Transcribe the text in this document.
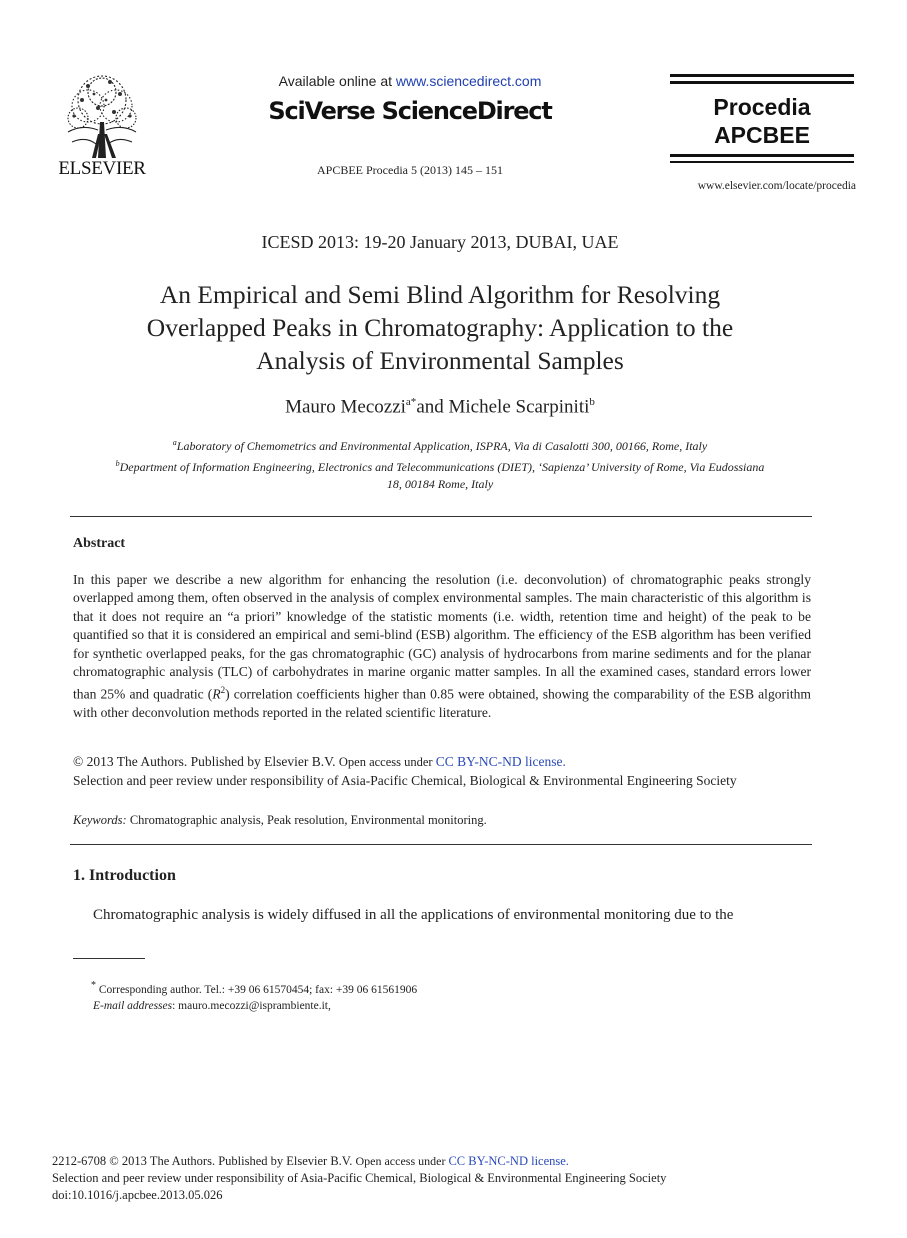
ELSEVIER
Available online at www.sciencedirect.com
SciVerse ScienceDirect
APCBEE Procedia 5 (2013) 145 – 151
Procedia
APCBEE
www.elsevier.com/locate/procedia
ICESD 2013: 19-20 January 2013, DUBAI, UAE
An Empirical and Semi Blind Algorithm for Resolving
Overlapped Peaks in Chromatography: Application to the
Analysis of Environmental Samples
Mauro Mecozzi$^{a*}$and Michele Scarpiniti$^b$
$^a$Laboratory of Chemometrics and Environmental Application, ISPRA, Via di Casalotti 300, 00166, Rome, Italy
$^b$Department of Information Engineering, Electronics and Telecommunications (DIET), ‘Sapienza’ University of Rome, Via Eudossiana
18, 00184 Rome, Italy
Abstract
In this paper we describe a new algorithm for enhancing the resolution (i.e. deconvolution) of chromatographic peaks strongly overlapped among them, often observed in the analysis of complex environmental samples. The main characteristic of this algorithm is that it does not require an “a priori” knowledge of the statistic moments (i.e. width, retention time and height) of the peak to be quantified so that it is considered an empirical and semi-blind (ESB) algorithm. The efficiency of the ESB algorithm has been verified for synthetic overlapped peaks, for the gas chromatographic (GC) analysis of hydrocarbons from marine sediments and for the planar chromatographic analysis (TLC) of carbohydrates in marine organic matter samples. In all the examined cases, standard errors lower than 25% and quadratic $(R^2)$ correlation coefficients higher than 0.85 were obtained, showing the comparability of the ESB algorithm with other deconvolution methods reported in the related scientific literature.
© 2013 The Authors. Published by Elsevier B.V. Open access under CC BY-NC-ND license.
Selection and peer review under responsibility of Asia-Pacific Chemical, Biological & Environmental Engineering Society
Keywords: Chromatographic analysis, Peak resolution, Environmental monitoring.
1. Introduction
Chromatographic analysis is widely diffused in all the applications of environmental monitoring due to the
* Corresponding author. Tel.: +39 06 61570454; fax: +39 06 61561906
E-mail addresses: mauro.mecozzi@isprambiente.it,
2212-6708 © 2013 The Authors. Published by Elsevier B.V. Open access under CC BY-NC-ND license.
Selection and peer review under responsibility of Asia-Pacific Chemical, Biological & Environmental Engineering Society
doi:10.1016/j.apcbee.2013.05.026
